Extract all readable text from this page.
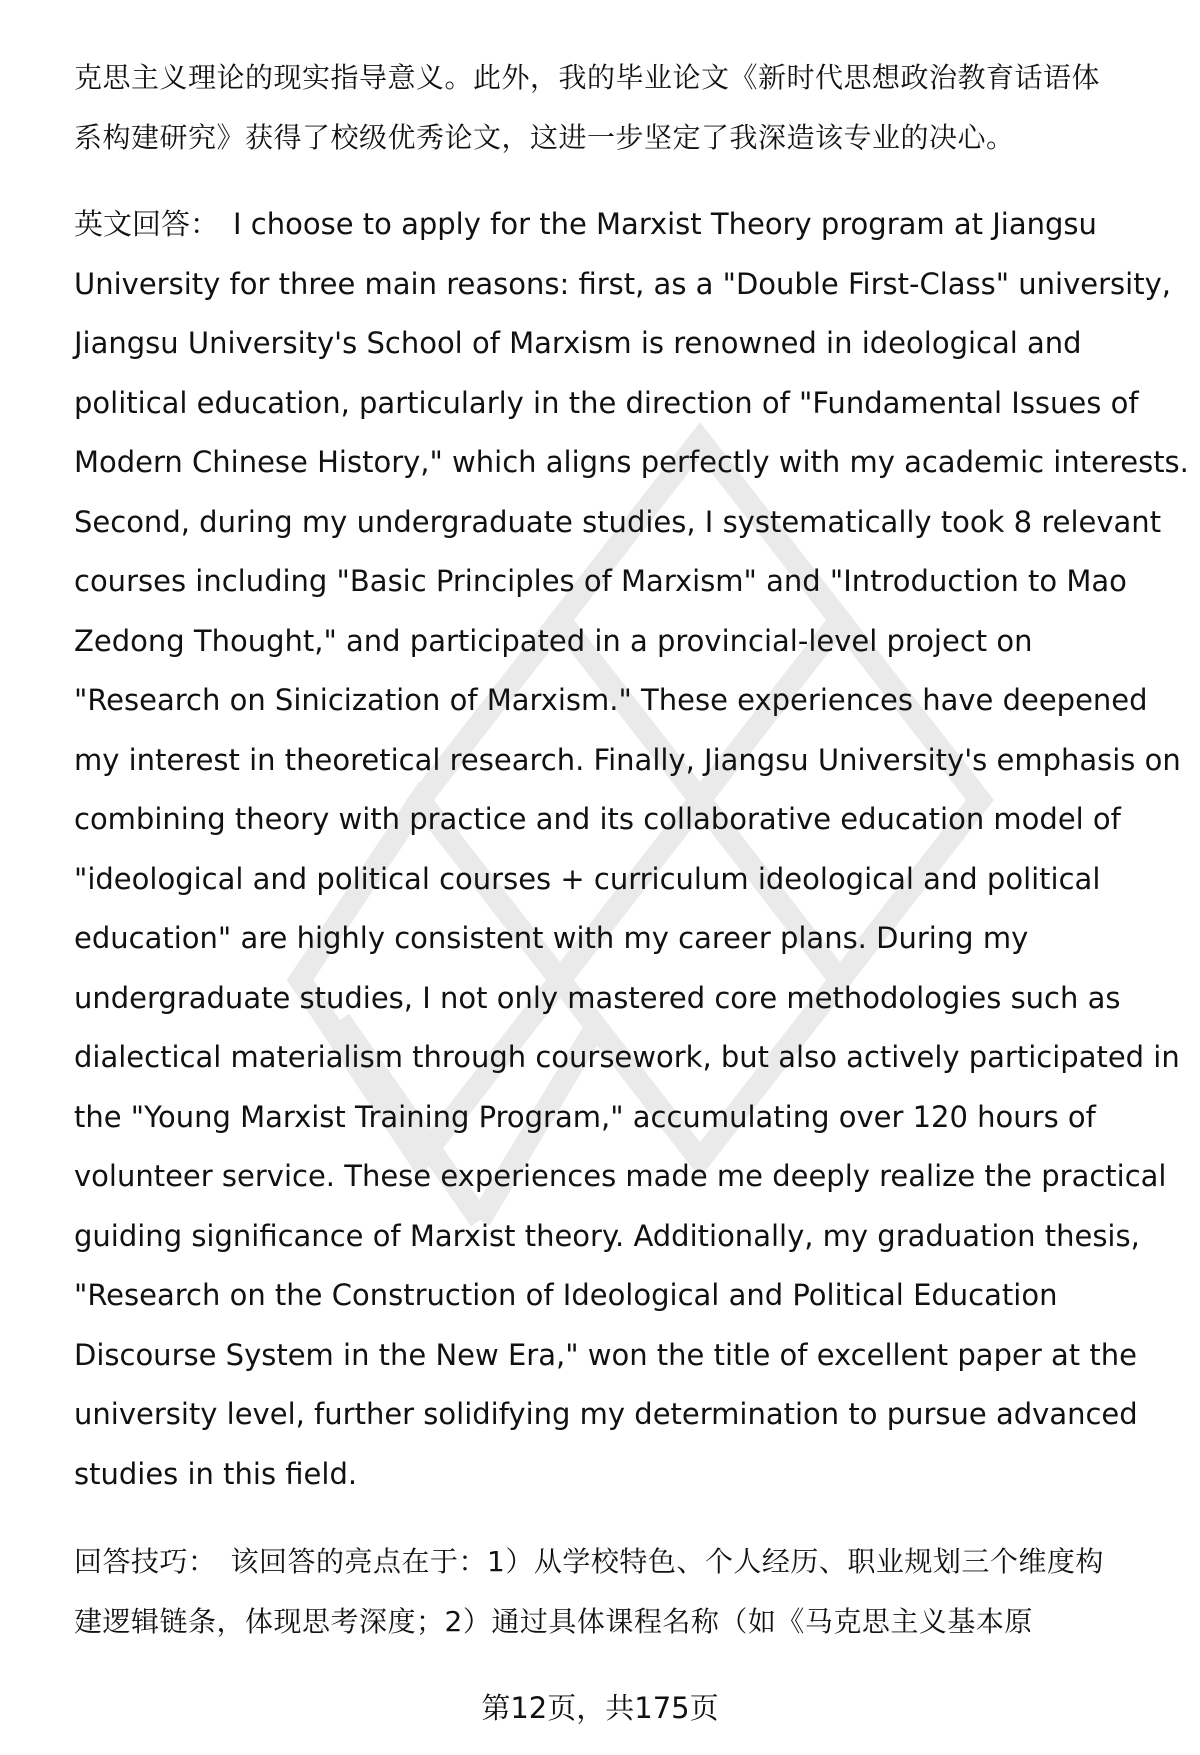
克思主义理论的现实指导意义。此外，我的毕业论文《新时代思想政治教育话语体
系构建研究》获得了校级优秀论文，这进一步坚定了我深造该专业的决心。

英文回答： I choose to apply for the Marxist Theory program at Jiangsu
University for three main reasons: first, as a "Double First-Class" university,
Jiangsu University's School of Marxism is renowned in ideological and
political education, particularly in the direction of "Fundamental Issues of
Modern Chinese History," which aligns perfectly with my academic interests.
Second, during my undergraduate studies, I systematically took 8 relevant
courses including "Basic Principles of Marxism" and "Introduction to Mao
Zedong Thought," and participated in a provincial-level project on
"Research on Sinicization of Marxism." These experiences have deepened
my interest in theoretical research. Finally, Jiangsu University's emphasis on
combining theory with practice and its collaborative education model of
"ideological and political courses + curriculum ideological and political
education" are highly consistent with my career plans. During my
undergraduate studies, I not only mastered core methodologies such as
dialectical materialism through coursework, but also actively participated in
the "Young Marxist Training Program," accumulating over 120 hours of
volunteer service. These experiences made me deeply realize the practical
guiding significance of Marxist theory. Additionally, my graduation thesis,
"Research on the Construction of Ideological and Political Education
Discourse System in the New Era," won the title of excellent paper at the
university level, further solidifying my determination to pursue advanced
studies in this field.

回答技巧： 该回答的亮点在于：1）从学校特色、个人经历、职业规划三个维度构
建逻辑链条，体现思考深度；2）通过具体课程名称（如《马克思主义基本原

第12页，共175页
